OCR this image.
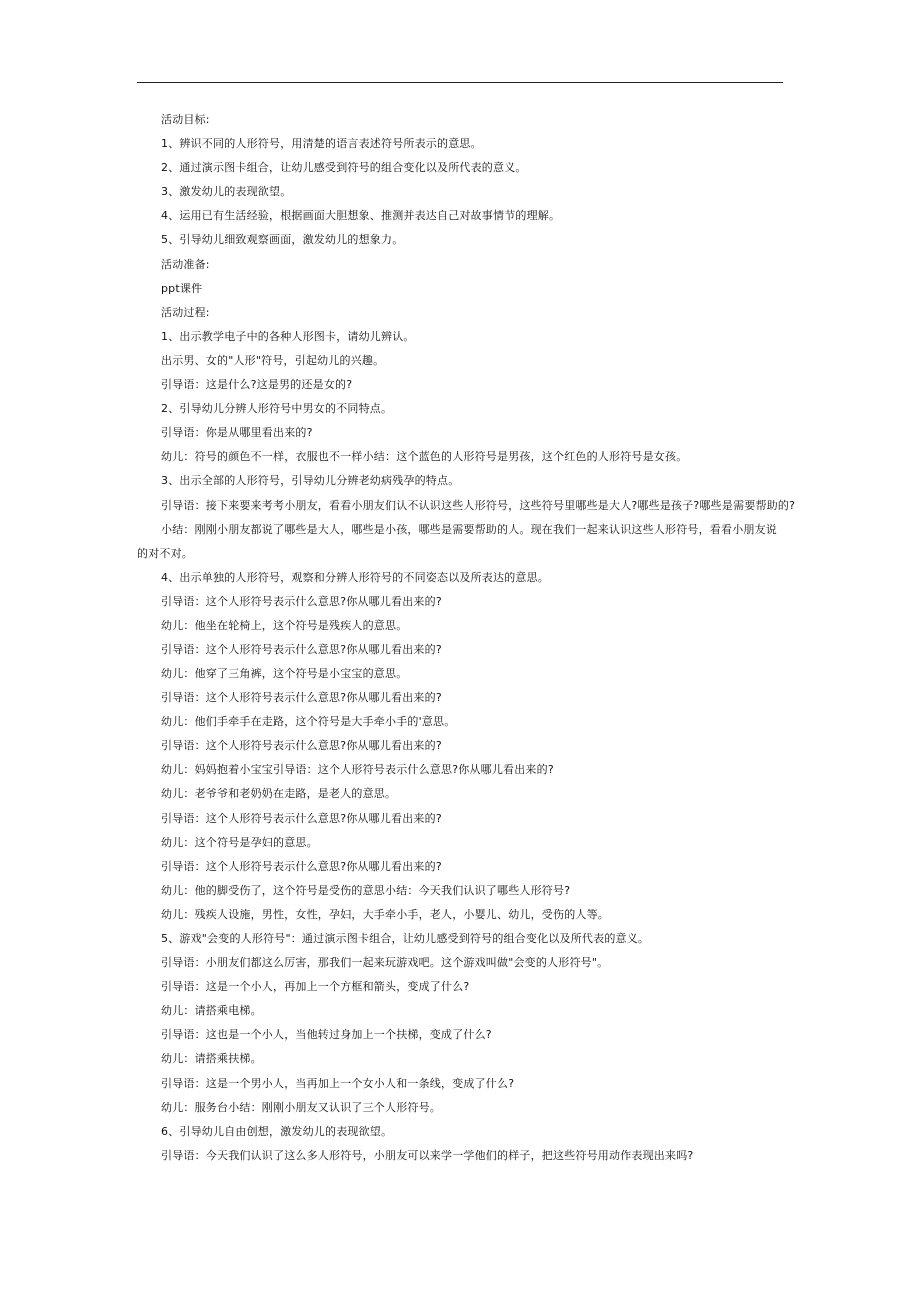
活动目标:
1、辨识不同的人形符号，用清楚的语言表述符号所表示的意思。
2、通过演示图卡组合，让幼儿感受到符号的组合变化以及所代表的意义。
3、激发幼儿的表现欲望。
4、运用已有生活经验，根据画面大胆想象、推测并表达自己对故事情节的理解。
5、引导幼儿细致观察画面，激发幼儿的想象力。
活动准备:
ppt课件
活动过程:
1、出示教学电子中的各种人形图卡，请幼儿辨认。
出示男、女的"人形"符号，引起幼儿的兴趣。
引导语：这是什么?这是男的还是女的?
2、引导幼儿分辨人形符号中男女的不同特点。
引导语：你是从哪里看出来的?
幼儿：符号的颜色不一样，衣服也不一样小结：这个蓝色的人形符号是男孩，这个红色的人形符号是女孩。
3、出示全部的人形符号，引导幼儿分辨老幼病残孕的特点。
引导语：接下来要来考考小朋友，看看小朋友们认不认识这些人形符号，这些符号里哪些是大人?哪些是孩子?哪些是需要帮助的?
小结：刚刚小朋友都说了哪些是大人，哪些是小孩，哪些是需要帮助的人。现在我们一起来认识这些人形符号，看看小朋友说的对不对。
4、出示单独的人形符号，观察和分辨人形符号的不同姿态以及所表达的意思。
引导语：这个人形符号表示什么意思?你从哪儿看出来的?
幼儿：他坐在轮椅上，这个符号是残疾人的意思。
引导语：这个人形符号表示什么意思?你从哪儿看出来的?
幼儿：他穿了三角裤，这个符号是小宝宝的意思。
引导语：这个人形符号表示什么意思?你从哪儿看出来的?
幼儿：他们手牵手在走路，这个符号是大手牵小手的'意思。
引导语：这个人形符号表示什么意思?你从哪儿看出来的?
幼儿：妈妈抱着小宝宝引导语：这个人形符号表示什么意思?你从哪儿看出来的?
幼儿：老爷爷和老奶奶在走路，是老人的意思。
引导语：这个人形符号表示什么意思?你从哪儿看出来的?
幼儿：这个符号是孕妇的意思。
引导语：这个人形符号表示什么意思?你从哪儿看出来的?
幼儿：他的脚受伤了，这个符号是受伤的意思小结：今天我们认识了哪些人形符号?
幼儿：残疾人设施，男性，女性，孕妇，大手牵小手，老人，小婴儿、幼儿，受伤的人等。
5、游戏"会变的人形符号"：通过演示图卡组合，让幼儿感受到符号的组合变化以及所代表的意义。
引导语：小朋友们都这么厉害，那我们一起来玩游戏吧。这个游戏叫做"会变的人形符号"。
引导语：这是一个小人，再加上一个方框和箭头，变成了什么?
幼儿：请搭乘电梯。
引导语：这也是一个小人，当他转过身加上一个扶梯，变成了什么?
幼儿：请搭乘扶梯。
引导语：这是一个男小人，当再加上一个女小人和一条线，变成了什么?
幼儿：服务台小结：刚刚小朋友又认识了三个人形符号。
6、引导幼儿自由创想，激发幼儿的表现欲望。
引导语：今天我们认识了这么多人形符号，小朋友可以来学一学他们的样子，把这些符号用动作表现出来吗?
